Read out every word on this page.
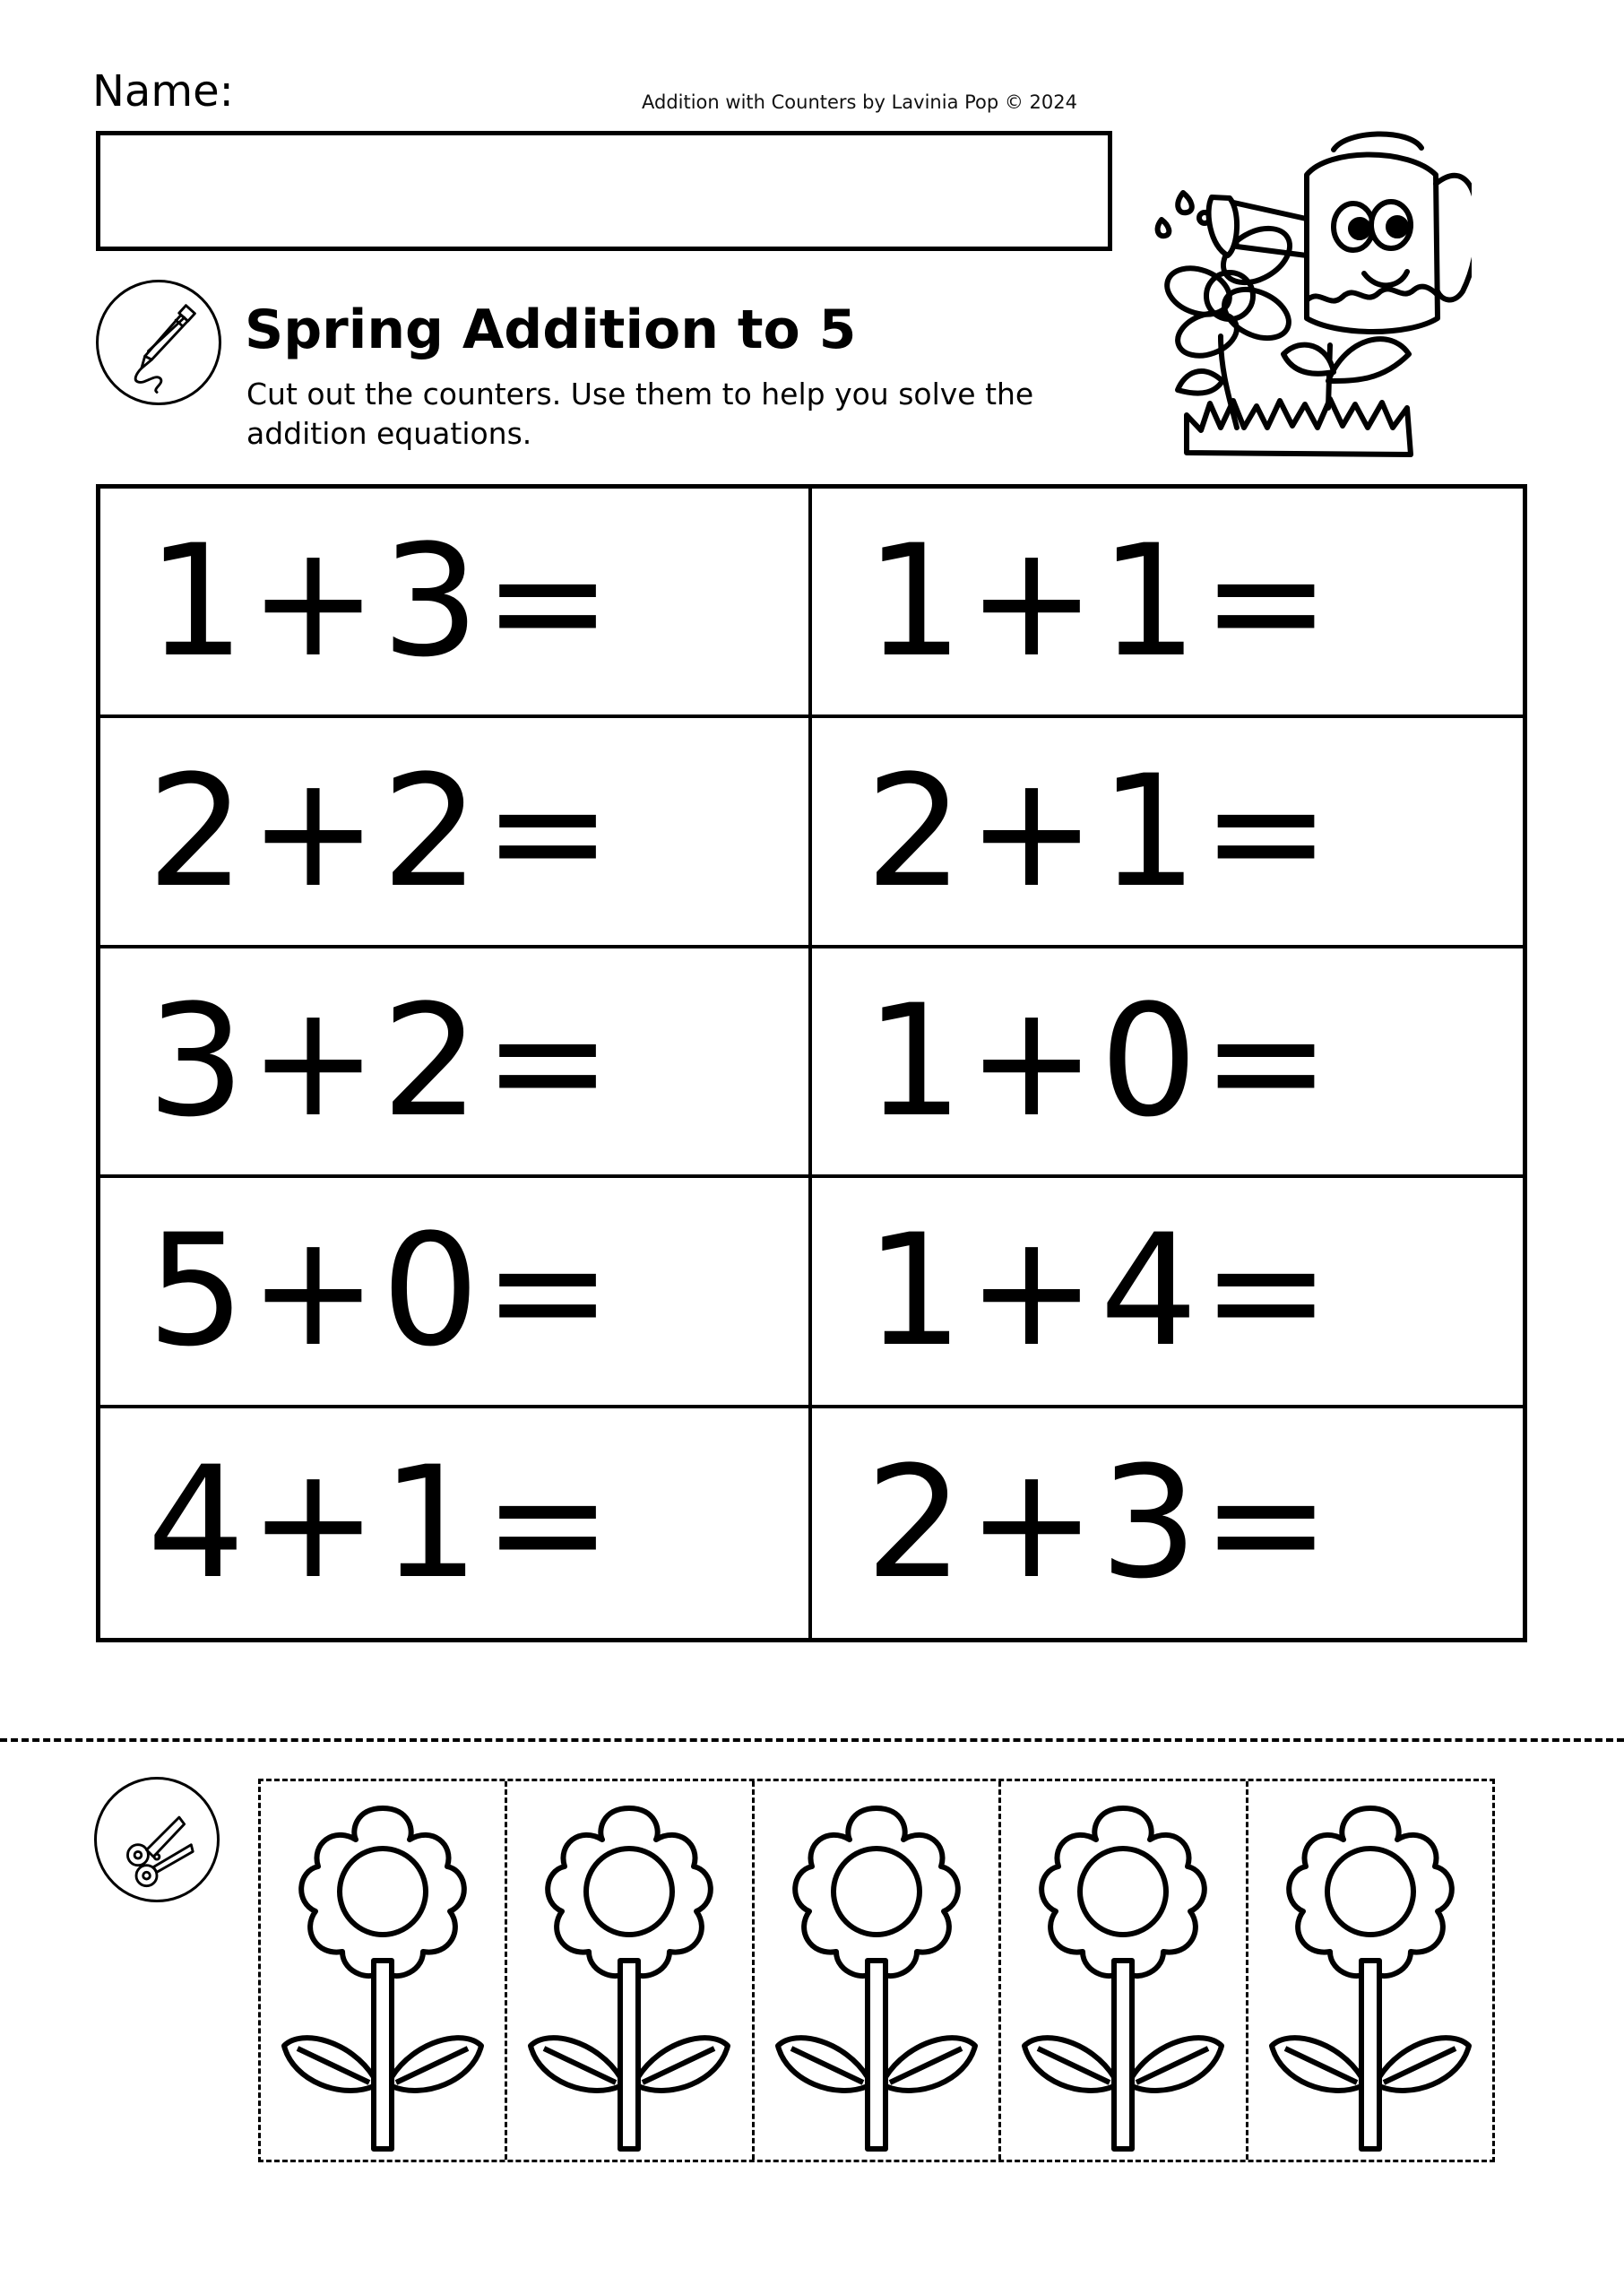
Name:	Addition with Counters by Lavinia Pop © 2024
Spring Addition to 5
Cut out the counters. Use them to help you solve the addition equations.
1+3= 1+1=
2+2= 2+1=
3+2= 1+0=
5+0= 1+4=
4+1= 2+3=
